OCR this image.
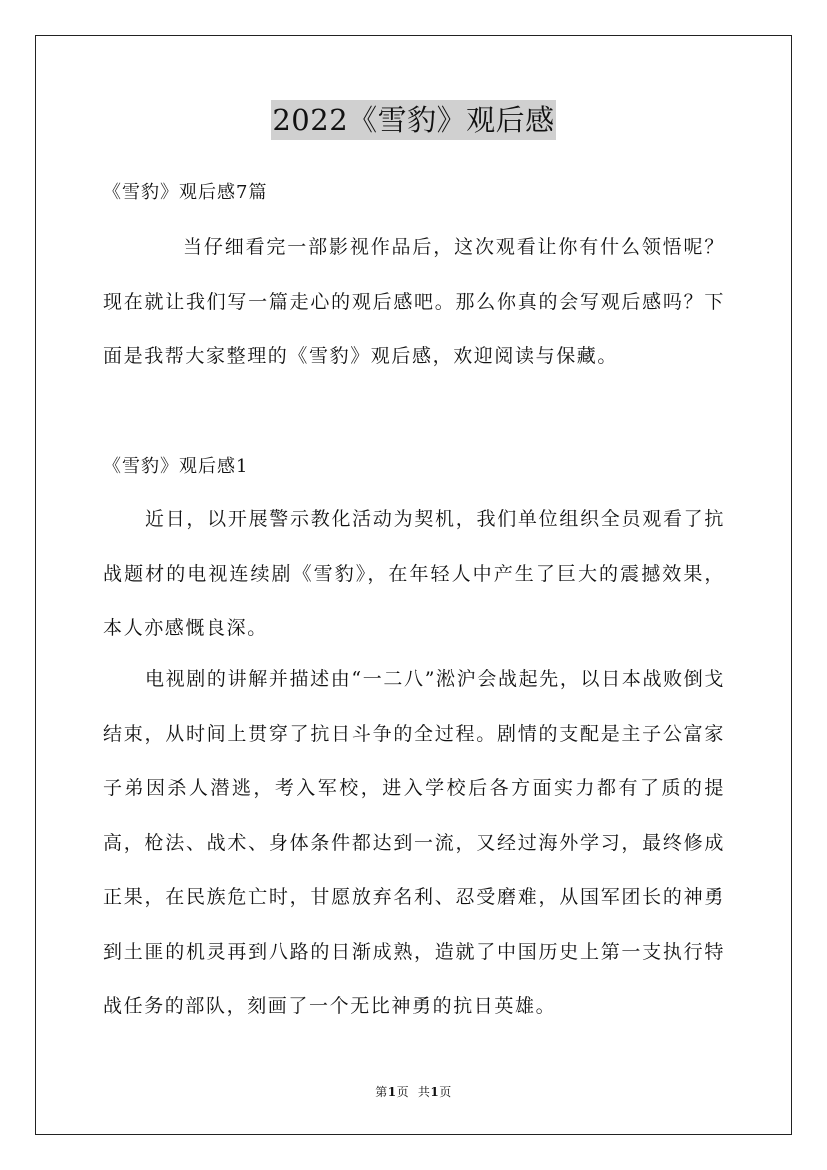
2022《雪豹》观后感
《雪豹》观后感7篇

当仔细看完一部影视作品后，这次观看让你有什么领悟呢？现在就让我们写一篇走心的观后感吧。那么你真的会写观后感吗？下面是我帮大家整理的《雪豹》观后感，欢迎阅读与保藏。

《雪豹》观后感1

近日，以开展警示教化活动为契机，我们单位组织全员观看了抗战题材的电视连续剧《雪豹》，在年轻人中产生了巨大的震撼效果，本人亦感慨良深。

电视剧的讲解并描述由“一二八”淞沪会战起先，以日本战败倒戈结束，从时间上贯穿了抗日斗争的全过程。剧情的支配是主子公富家子弟因杀人潜逃，考入军校，进入学校后各方面实力都有了质的提高，枪法、战术、身体条件都达到一流，又经过海外学习，最终修成正果，在民族危亡时，甘愿放弃名利、忍受磨难，从国军团长的神勇到土匪的机灵再到八路的日渐成熟，造就了中国历史上第一支执行特战任务的部队，刻画了一个无比神勇的抗日英雄。

第1页 共1页
